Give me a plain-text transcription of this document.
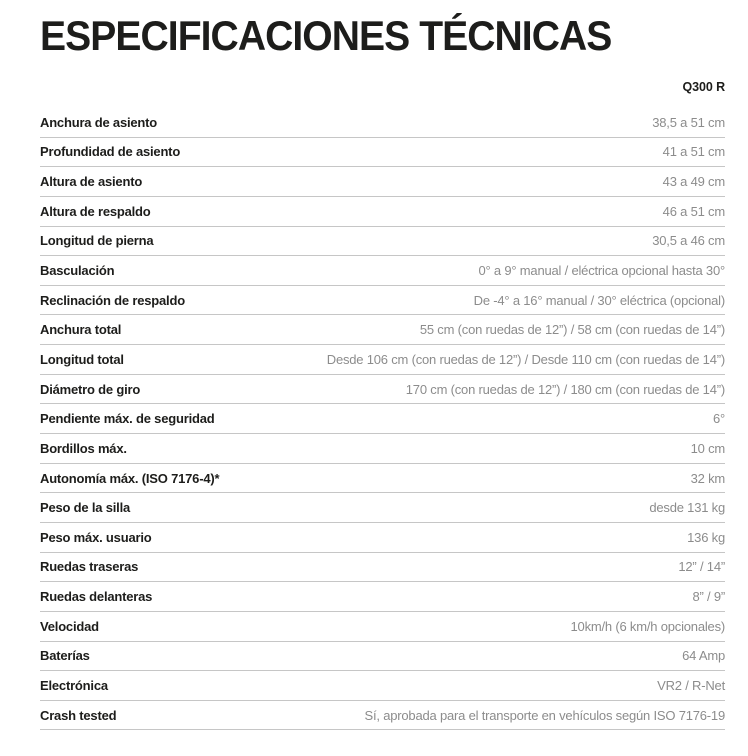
ESPECIFICACIONES TÉCNICAS
Q300 R
Anchura de asiento	38,5 a 51 cm
Profundidad de asiento	41 a 51 cm
Altura de asiento	43 a 49 cm
Altura de respaldo	46 a 51 cm
Longitud de pierna	30,5 a 46 cm
Basculación	0° a 9° manual / eléctrica opcional hasta 30°
Reclinación de respaldo	De -4° a 16° manual / 30° eléctrica (opcional)
Anchura total	55 cm (con ruedas de 12”) / 58 cm (con ruedas de 14”)
Longitud total	Desde 106 cm (con ruedas de 12”) / Desde 110 cm (con ruedas de 14”)
Diámetro de giro	170 cm (con ruedas de 12”) / 180 cm (con ruedas de 14”)
Pendiente máx. de seguridad	6°
Bordillos máx.	10 cm
Autonomía máx. (ISO 7176-4)*	32 km
Peso de la silla	desde 131 kg
Peso máx. usuario	136 kg
Ruedas traseras	12” / 14”
Ruedas delanteras	8” / 9”
Velocidad	10km/h (6 km/h opcionales)
Baterías	64 Amp
Electrónica	VR2 / R-Net
Crash tested	Sí, aprobada para el transporte en vehículos según ISO 7176-19
